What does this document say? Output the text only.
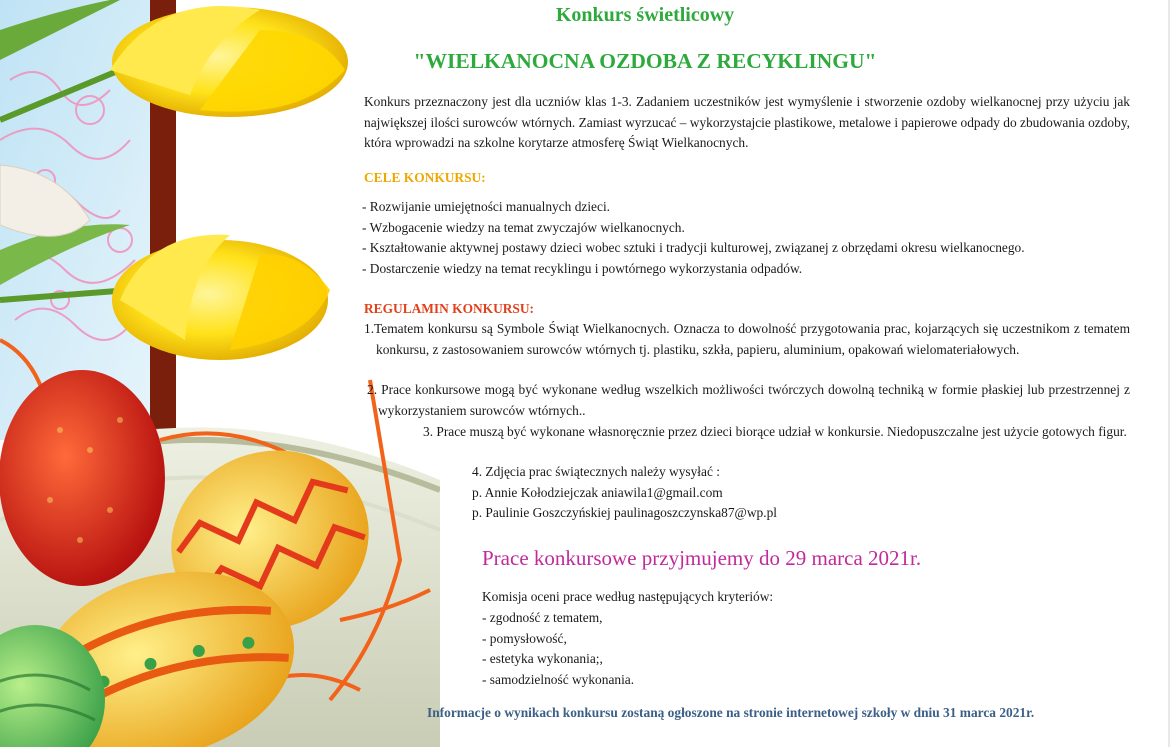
Konkurs świetlicowy
"WIELKANOCNA OZDOBA Z RECYKLINGU"
Konkurs przeznaczony jest dla uczniów klas 1-3. Zadaniem uczestników jest wymyślenie i stworzenie ozdoby wielkanocnej przy użyciu jak największej ilości surowców wtórnych. Zamiast wyrzucać – wykorzystajcie plastikowe, metalowe i papierowe odpady do zbudowania ozdoby, która wprowadzi na szkolne korytarze atmosferę Świąt Wielkanocnych.
CELE KONKURSU:
- Rozwijanie umiejętności manualnych dzieci.
- Wzbogacenie wiedzy na temat zwyczajów wielkanocnych.
- Kształtowanie aktywnej postawy dzieci wobec sztuki i tradycji kulturowej, związanej z obrzędami okresu wielkanocnego.
- Dostarczenie wiedzy na temat recyklingu i powtórnego wykorzystania odpadów.
REGULAMIN KONKURSU:
1.Tematem konkursu są Symbole Świąt Wielkanocnych. Oznacza to dowolność przygotowania prac, kojarzących się uczestnikom z tematem konkursu, z zastosowaniem surowców wtórnych tj. plastiku, szkła, papieru, aluminium, opakowań wielomateriałowych.
2. Prace konkursowe mogą być wykonane według wszelkich możliwości twórczych dowolną techniką w formie płaskiej lub przestrzennej z wykorzystaniem surowców wtórnych..
3. Prace muszą być wykonane własnoręcznie przez dzieci biorące udział w konkursie. Niedopuszczalne jest użycie gotowych figur.
4. Zdjęcia prac świątecznych należy wysyłać :
p. Annie Kołodziejczak aniawila1@gmail.com
p. Paulinie Goszczyńskiej paulinagoszczynska87@wp.pl
Prace konkursowe przyjmujemy do 29 marca 2021r.
Komisja oceni prace według następujących kryteriów:
- zgodność z tematem,
- pomysłowość,
- estetyka wykonania;,
- samodzielność wykonania.
Informacje o wynikach konkursu zostaną ogłoszone na stronie internetowej szkoły w dniu 31 marca 2021r.
